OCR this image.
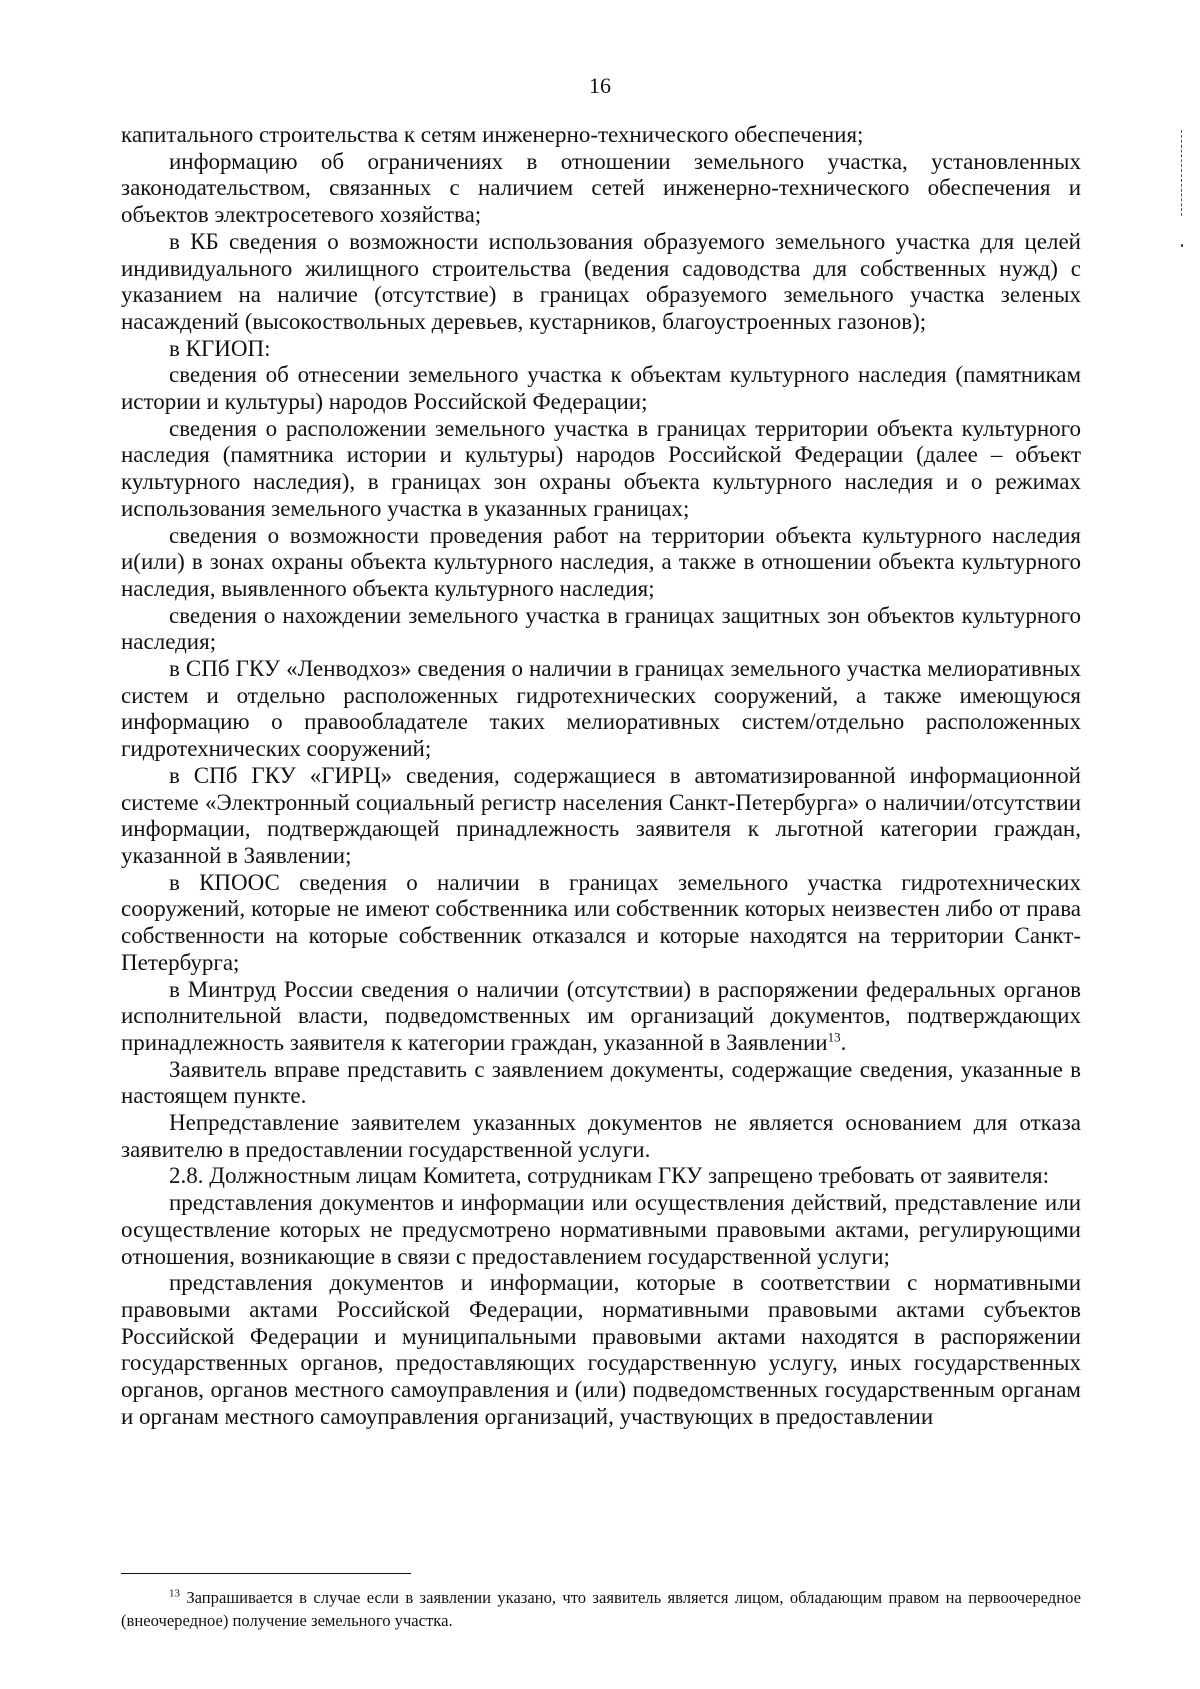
16

капитального строительства к сетям инженерно-технического обеспечения;

информацию об ограничениях в отношении земельного участка, установленных законодательством, связанных с наличием сетей инженерно-технического обеспечения и объектов электросетевого хозяйства;

в КБ сведения о возможности использования образуемого земельного участка для целей индивидуального жилищного строительства (ведения садоводства для собственных нужд) с указанием на наличие (отсутствие) в границах образуемого земельного участка зеленых насаждений (высокоствольных деревьев, кустарников, благоустроенных газонов);

в КГИОП:

сведения об отнесении земельного участка к объектам культурного наследия (памятникам истории и культуры) народов Российской Федерации;

сведения о расположении земельного участка в границах территории объекта культурного наследия (памятника истории и культуры) народов Российской Федерации (далее – объект культурного наследия), в границах зон охраны объекта культурного наследия и о режимах использования земельного участка в указанных границах;

сведения о возможности проведения работ на территории объекта культурного наследия и(или) в зонах охраны объекта культурного наследия, а также в отношении объекта культурного наследия, выявленного объекта культурного наследия;

сведения о нахождении земельного участка в границах защитных зон объектов культурного наследия;

в СПб ГКУ «Ленводхоз» сведения о наличии в границах земельного участка мелиоративных систем и отдельно расположенных гидротехнических сооружений, а также имеющуюся информацию о правообладателе таких мелиоративных систем/отдельно расположенных гидротехнических сооружений;

в СПб ГКУ «ГИРЦ» сведения, содержащиеся в автоматизированной информационной системе «Электронный социальный регистр населения Санкт-Петербурга» о наличии/отсутствии информации, подтверждающей принадлежность заявителя к льготной категории граждан, указанной в Заявлении;

в КПООС сведения о наличии в границах земельного участка гидротехнических сооружений, которые не имеют собственника или собственник которых неизвестен либо от права собственности на которые собственник отказался и которые находятся на территории Санкт-Петербурга;

в Минтруд России сведения о наличии (отсутствии) в распоряжении федеральных органов исполнительной власти, подведомственных им организаций документов, подтверждающих принадлежность заявителя к категории граждан, указанной в Заявлении$^{13}$.

Заявитель вправе представить с заявлением документы, содержащие сведения, указанные в настоящем пункте.

Непредставление заявителем указанных документов не является основанием для отказа заявителю в предоставлении государственной услуги.

2.8. Должностным лицам Комитета, сотрудникам ГКУ запрещено требовать от заявителя:

представления документов и информации или осуществления действий, представление или осуществление которых не предусмотрено нормативными правовыми актами, регулирующими отношения, возникающие в связи с предоставлением государственной услуги;

представления документов и информации, которые в соответствии с нормативными правовыми актами Российской Федерации, нормативными правовыми актами субъектов Российской Федерации и муниципальными правовыми актами находятся в распоряжении государственных органов, предоставляющих государственную услугу, иных государственных органов, органов местного самоуправления и (или) подведомственных государственным органам и органам местного самоуправления организаций, участвующих в предоставлении

$^{13}$ Запрашивается в случае если в заявлении указано, что заявитель является лицом, обладающим правом на первоочередное (внеочередное) получение земельного участка.
